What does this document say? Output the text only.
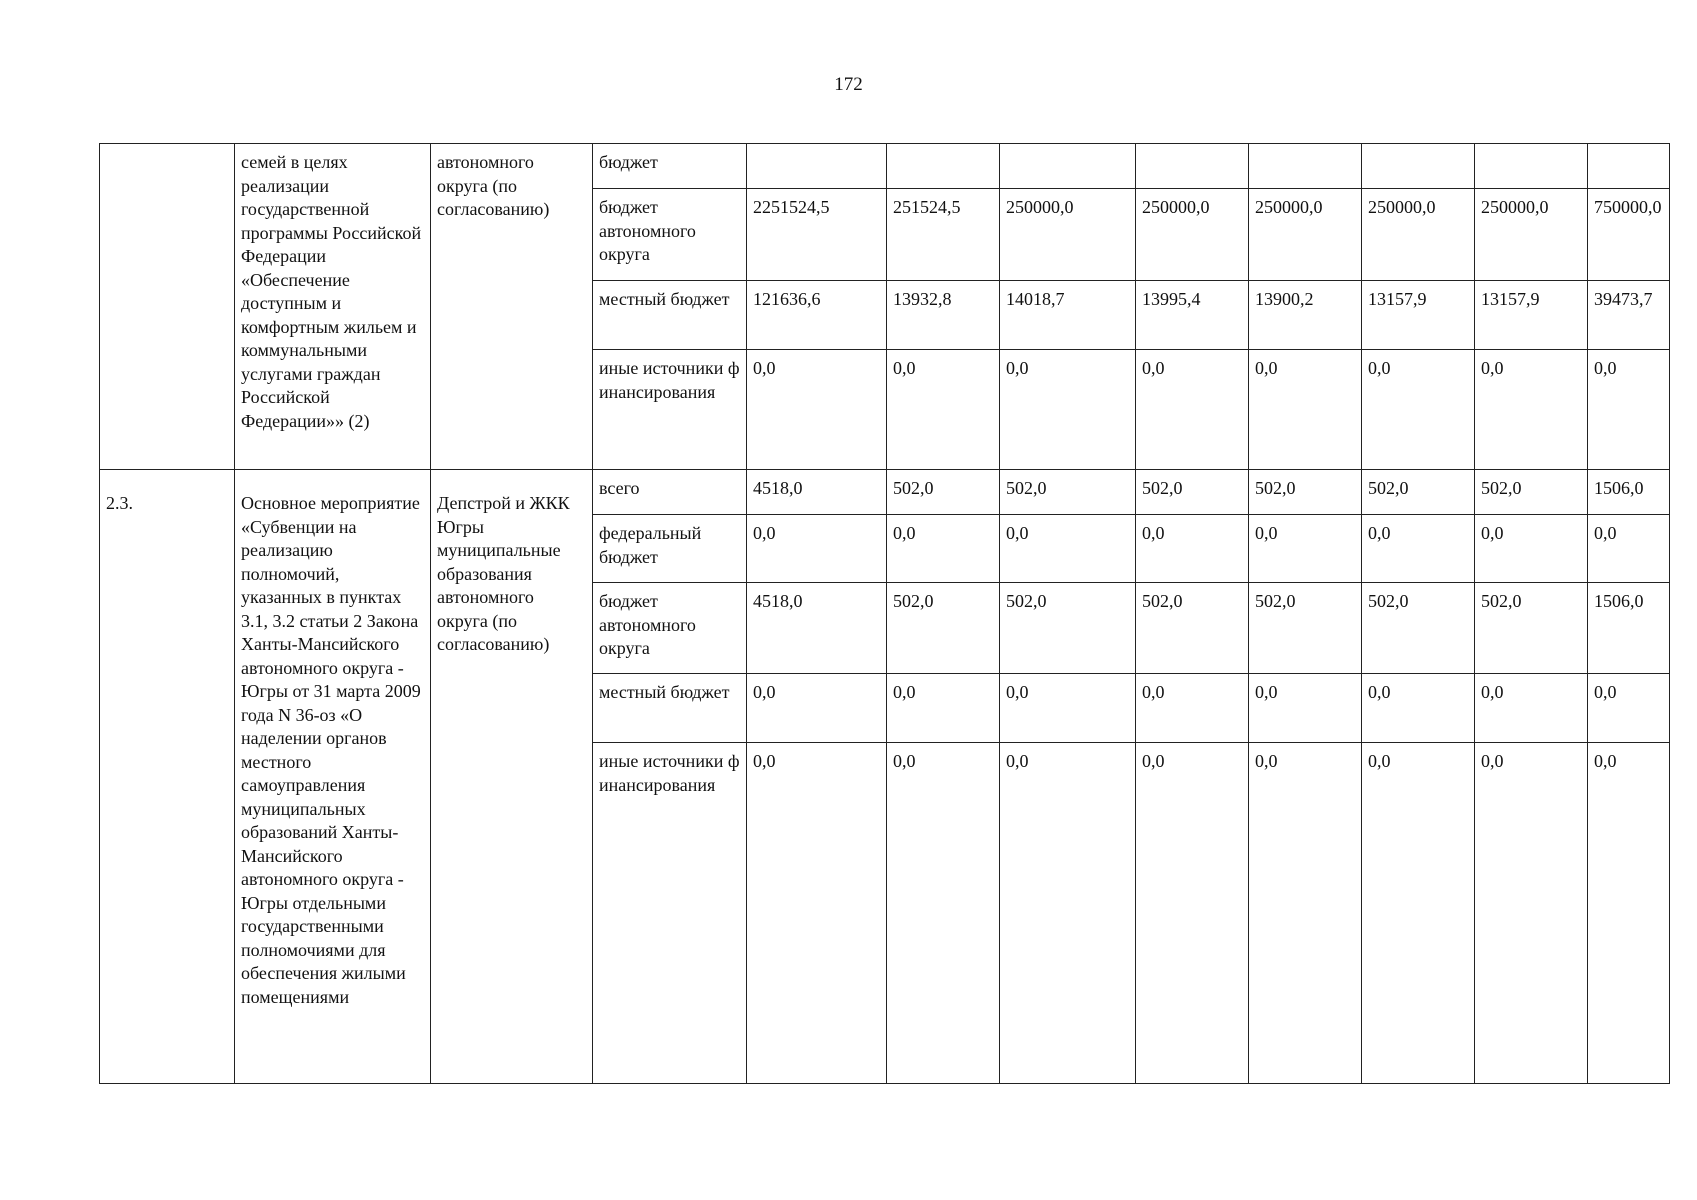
172
	семей в целях реализации государственной программы Российской Федерации «Обеспечение доступным и комфортным жильем и коммунальными услугами граждан Российской Федерации»» (2)	автономного округа (по согласованию)	бюджет								
			бюджет автономного округа	2251524,5	251524,5	250000,0	250000,0	250000,0	250000,0	250000,0	750000,0
			местный бюджет	121636,6	13932,8	14018,7	13995,4	13900,2	13157,9	13157,9	39473,7
			иные источники финансирования	0,0	0,0	0,0	0,0	0,0	0,0	0,0	0,0
2.3.	Основное мероприятие «Субвенции на реализацию полномочий, указанных в пунктах 3.1, 3.2 статьи 2 Закона Ханты-Мансийского автономного округа - Югры от 31 марта 2009 года N 36-оз «О наделении органов местного самоуправления муниципальных образований Ханты-Мансийского автономного округа - Югры отдельными государственными полномочиями для обеспечения жилыми помещениями	Депстрой и ЖКК Югры муниципальные образования автономного округа (по согласованию)	всего	4518,0	502,0	502,0	502,0	502,0	502,0	502,0	1506,0
			федеральный бюджет	0,0	0,0	0,0	0,0	0,0	0,0	0,0	0,0
			бюджет автономного округа	4518,0	502,0	502,0	502,0	502,0	502,0	502,0	1506,0
			местный бюджет	0,0	0,0	0,0	0,0	0,0	0,0	0,0	0,0
			иные источники финансирования	0,0	0,0	0,0	0,0	0,0	0,0	0,0	0,0
